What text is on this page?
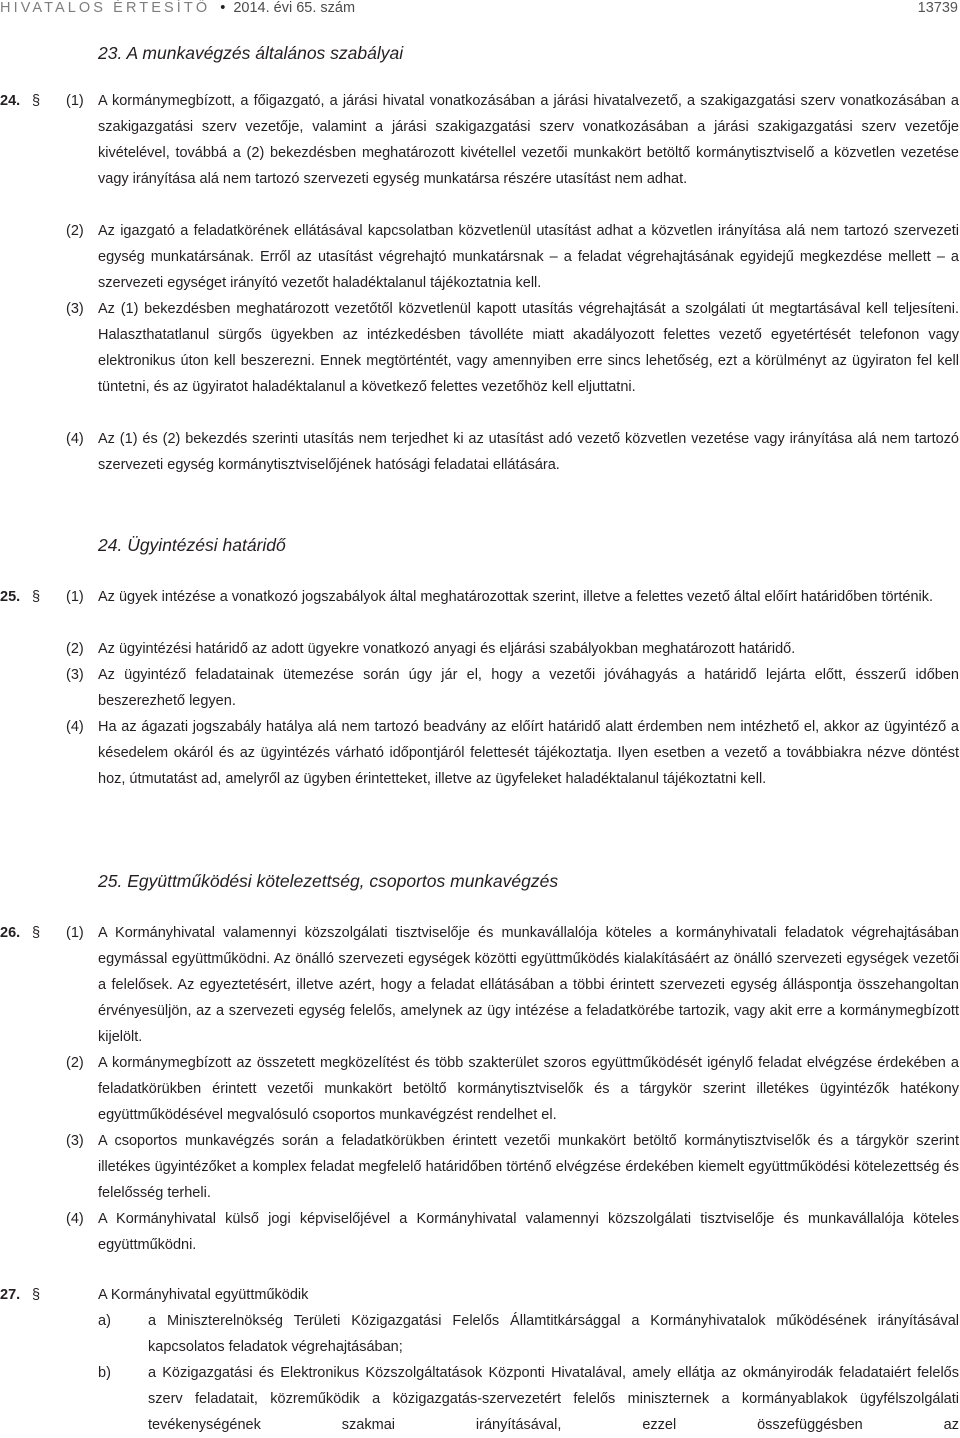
HIVATALOS ÉRTESÍTŐ • 2014. évi 65. szám	13739
23. A munkavégzés általános szabályai
24. § (1) A kormánymegbízott, a főigazgató, a járási hivatal vonatkozásában a járási hivatalvezető, a szakigazgatási szerv vonatkozásában a szakigazgatási szerv vezetője, valamint a járási szakigazgatási szerv vonatkozásában a járási szakigazgatási szerv vezetője kivételével, továbbá a (2) bekezdésben meghatározott kivétellel vezetői munkakört betöltő kormánytisztviselő a közvetlen vezetése vagy irányítása alá nem tartozó szervezeti egység munkatársa részére utasítást nem adhat.
(2) Az igazgató a feladatkörének ellátásával kapcsolatban közvetlenül utasítást adhat a közvetlen irányítása alá nem tartozó szervezeti egység munkatársának. Erről az utasítást végrehajtó munkatársnak – a feladat végrehajtásának egyidejű megkezdése mellett – a szervezeti egységet irányító vezetőt haladéktalanul tájékoztatnia kell.
(3) Az (1) bekezdésben meghatározott vezetőtől közvetlenül kapott utasítás végrehajtását a szolgálati út megtartásával kell teljesíteni. Halaszthatatlanul sürgős ügyekben az intézkedésben távolléte miatt akadályozott felettes vezető egyetértését telefonon vagy elektronikus úton kell beszerezni. Ennek megtörténtét, vagy amennyiben erre sincs lehetőség, ezt a körülményt az ügyiraton fel kell tüntetni, és az ügyiratot haladéktalanul a következő felettes vezetőhöz kell eljuttatni.
(4) Az (1) és (2) bekezdés szerinti utasítás nem terjedhet ki az utasítást adó vezető közvetlen vezetése vagy irányítása alá nem tartozó szervezeti egység kormánytisztviselőjének hatósági feladatai ellátására.
24. Ügyintézési határidő
25. § (1) Az ügyek intézése a vonatkozó jogszabályok által meghatározottak szerint, illetve a felettes vezető által előírt határidőben történik.
(2) Az ügyintézési határidő az adott ügyekre vonatkozó anyagi és eljárási szabályokban meghatározott határidő.
(3) Az ügyintéző feladatainak ütemezése során úgy jár el, hogy a vezetői jóváhagyás a határidő lejárta előtt, ésszerű időben beszerezhető legyen.
(4) Ha az ágazati jogszabály hatálya alá nem tartozó beadvány az előírt határidő alatt érdemben nem intézhető el, akkor az ügyintéző a késedelem okáról és az ügyintézés várható időpontjáról felettesét tájékoztatja. Ilyen esetben a vezető a továbbiakra nézve döntést hoz, útmutatást ad, amelyről az ügyben érintetteket, illetve az ügyfeleket haladéktalanul tájékoztatni kell.
25. Együttműködési kötelezettség, csoportos munkavégzés
26. § (1) A Kormányhivatal valamennyi közszolgálati tisztviselője és munkavállalója köteles a kormányhivatali feladatok végrehajtásában egymással együttműködni. Az önálló szervezeti egységek közötti együttműködés kialakításáért az önálló szervezeti egységek vezetői a felelősek. Az egyeztetésért, illetve azért, hogy a feladat ellátásában a többi érintett szervezeti egység álláspontja összehangoltan érvényesüljön, az a szervezeti egység felelős, amelynek az ügy intézése a feladatkörébe tartozik, vagy akit erre a kormánymegbízott kijelölt.
(2) A kormánymegbízott az összetett megközelítést és több szakterület szoros együttműködését igénylő feladat elvégzése érdekében a feladatkörükben érintett vezetői munkakört betöltő kormánytisztviselők és a tárgykör szerint illetékes ügyintézők hatékony együttműködésével megvalósuló csoportos munkavégzést rendelhet el.
(3) A csoportos munkavégzés során a feladatkörükben érintett vezetői munkakört betöltő kormánytisztviselők és a tárgykör szerint illetékes ügyintézőket a komplex feladat megfelelő határidőben történő elvégzése érdekében kiemelt együttműködési kötelezettség és felelősség terheli.
(4) A Kormányhivatal külső jogi képviselőjével a Kormányhivatal valamennyi közszolgálati tisztviselője és munkavállalója köteles együttműködni.
27. §	A Kormányhivatal együttműködik
a)	a Miniszterelnökség Területi Közigazgatási Felelős Államtitkársággal a Kormányhivatalok működésének irányításával kapcsolatos feladatok végrehajtásában;
b)	a Közigazgatási és Elektronikus Közszolgáltatások Központi Hivatalával, amely ellátja az okmányirodák feladataiért felelős szerv feladatait, közreműködik a közigazgatás-szervezetért felelős miniszternek a kormányablakok ügyfélszolgálati tevékenységének szakmai irányításával, ezzel összefüggésben az
